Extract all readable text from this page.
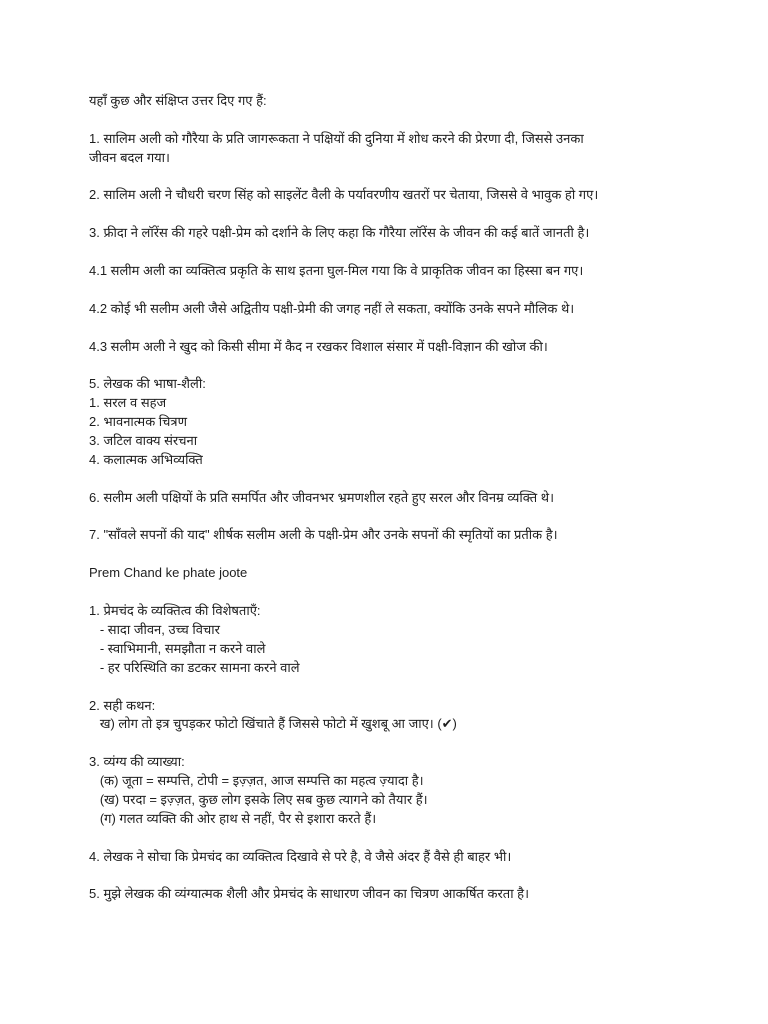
यहाँ कुछ और संक्षिप्त उत्तर दिए गए हैं:
1. सालिम अली को गौरैया के प्रति जागरूकता ने पक्षियों की दुनिया में शोध करने की प्रेरणा दी, जिससे उनका
जीवन बदल गया।
2. सालिम अली ने चौधरी चरण सिंह को साइलेंट वैली के पर्यावरणीय खतरों पर चेताया, जिससे वे भावुक हो गए।
3. फ्रीदा ने लॉरेंस की गहरे पक्षी-प्रेम को दर्शाने के लिए कहा कि गौरैया लॉरेंस के जीवन की कई बातें जानती है।
4.1 सलीम अली का व्यक्तित्व प्रकृति के साथ इतना घुल-मिल गया कि वे प्राकृतिक जीवन का हिस्सा बन गए।
4.2 कोई भी सलीम अली जैसे अद्वितीय पक्षी-प्रेमी की जगह नहीं ले सकता, क्योंकि उनके सपने मौलिक थे।
4.3 सलीम अली ने खुद को किसी सीमा में कैद न रखकर विशाल संसार में पक्षी-विज्ञान की खोज की।
5. लेखक की भाषा-शैली:
1. सरल व सहज
2. भावनात्मक चित्रण
3. जटिल वाक्य संरचना
4. कलात्मक अभिव्यक्ति
6. सलीम अली पक्षियों के प्रति समर्पित और जीवनभर भ्रमणशील रहते हुए सरल और विनम्र व्यक्ति थे।
7. "साँवले सपनों की याद" शीर्षक सलीम अली के पक्षी-प्रेम और उनके सपनों की स्मृतियों का प्रतीक है।
Prem Chand ke phate joote
1. प्रेमचंद के व्यक्तित्व की विशेषताएँ:
- सादा जीवन, उच्च विचार
- स्वाभिमानी, समझौता न करने वाले
- हर परिस्थिति का डटकर सामना करने वाले
2. सही कथन:
ख) लोग तो इत्र चुपड़कर फोटो खिंचाते हैं जिससे फोटो में खुशबू आ जाए। (✔)
3. व्यंग्य की व्याख्या:
(क) जूता = सम्पत्ति, टोपी = इज़्ज़त, आज सम्पत्ति का महत्व ज़्यादा है।
(ख) परदा = इज़्ज़त, कुछ लोग इसके लिए सब कुछ त्यागने को तैयार हैं।
(ग) गलत व्यक्ति की ओर हाथ से नहीं, पैर से इशारा करते हैं।
4. लेखक ने सोचा कि प्रेमचंद का व्यक्तित्व दिखावे से परे है, वे जैसे अंदर हैं वैसे ही बाहर भी।
5. मुझे लेखक की व्यंग्यात्मक शैली और प्रेमचंद के साधारण जीवन का चित्रण आकर्षित करता है।
